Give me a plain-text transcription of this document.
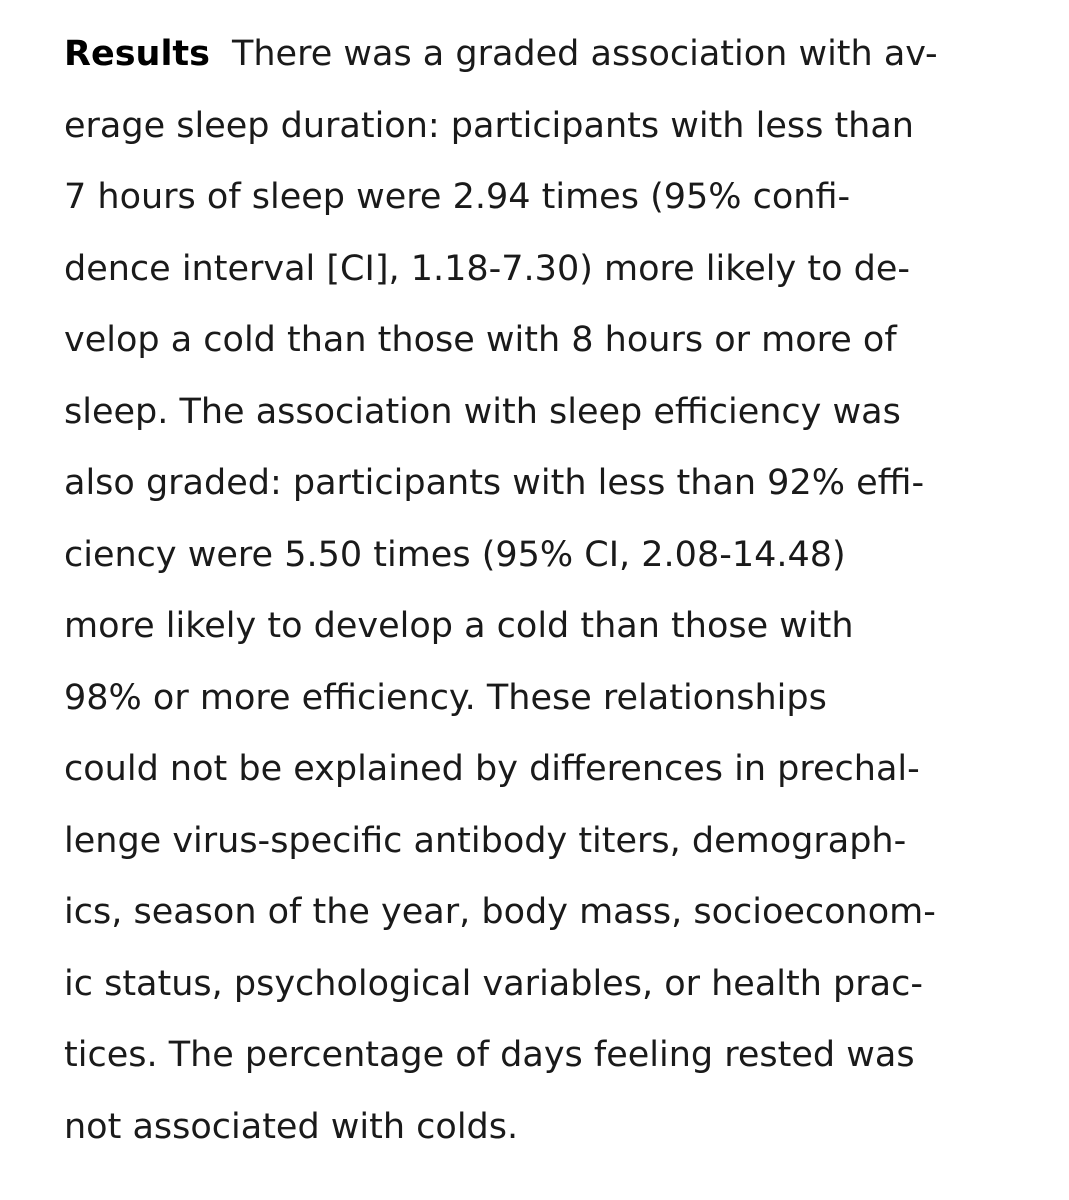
Results There was a graded association with av-
erage sleep duration: participants with less than
7 hours of sleep were 2.94 times (95% confi-
dence interval [CI], 1.18-7.30) more likely to de-
velop a cold than those with 8 hours or more of
sleep. The association with sleep efficiency was
also graded: participants with less than 92% effi-
ciency were 5.50 times (95% CI, 2.08-14.48)
more likely to develop a cold than those with
98% or more efficiency. These relationships
could not be explained by differences in prechal-
lenge virus-specific antibody titers, demograph-
ics, season of the year, body mass, socioeconom-
ic status, psychological variables, or health prac-
tices. The percentage of days feeling rested was
not associated with colds.
